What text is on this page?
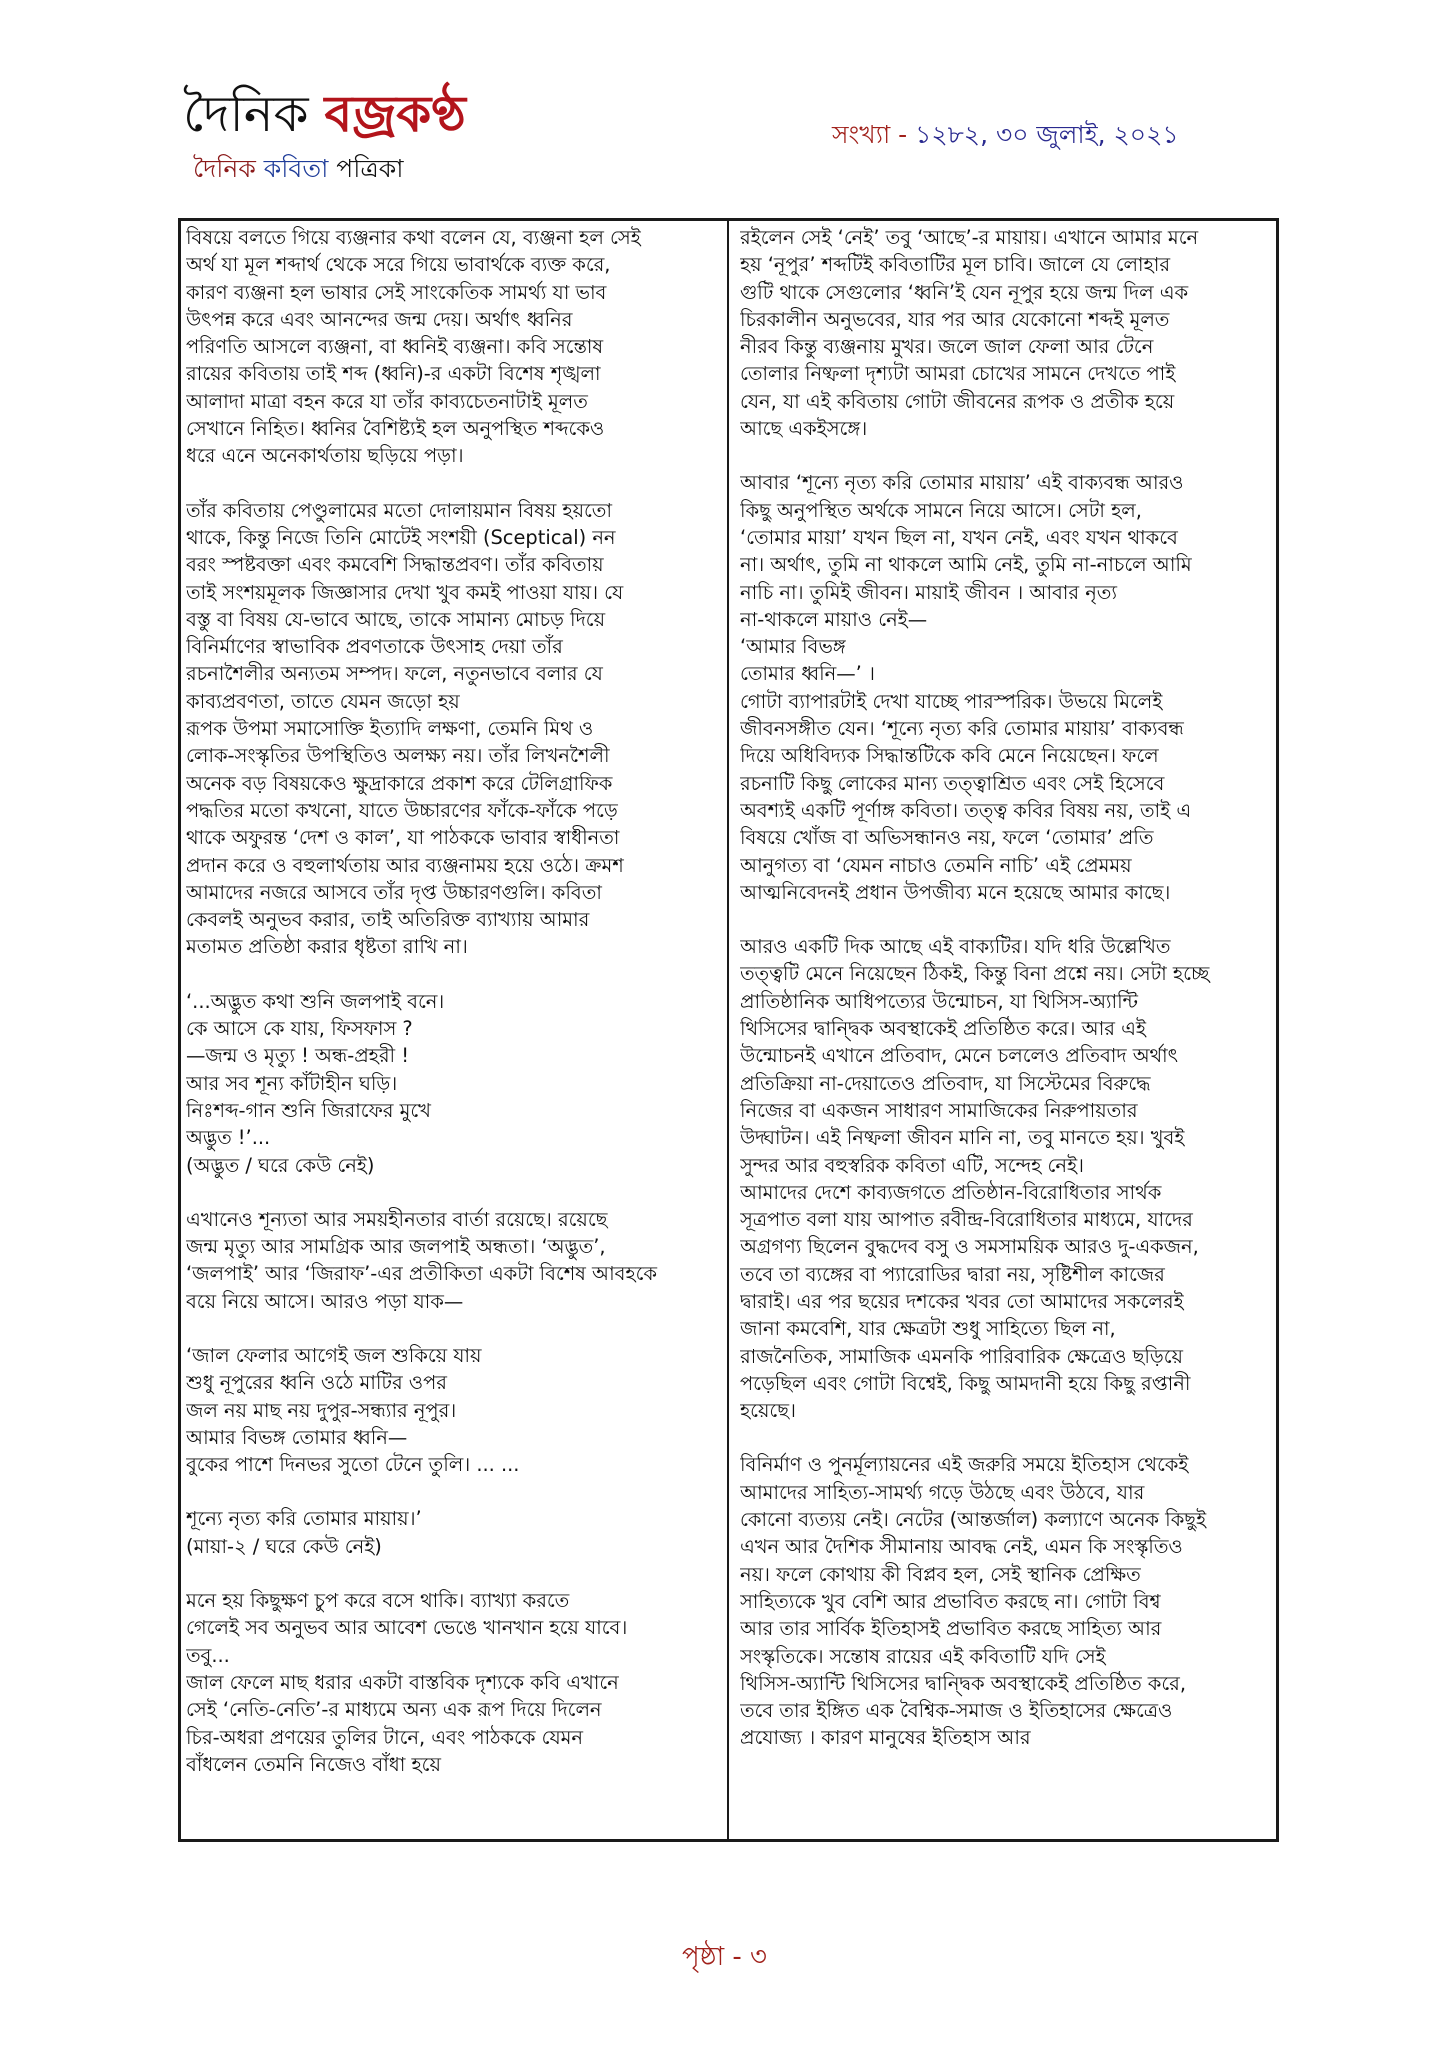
দৈনিক বজ্রকণ্ঠ
দৈনিক কবিতা পত্রিকা
সংখ্যা - ১২৮২, ৩০ জুলাই, ২০২১

বিষয়ে বলতে গিয়ে ব্যঞ্জনার কথা বলেন যে, ব্যঞ্জনা হল সেই
অর্থ যা মূল শব্দার্থ থেকে সরে গিয়ে ভাবার্থকে ব্যক্ত করে,
কারণ ব্যঞ্জনা হল ভাষার সেই সাংকেতিক সামর্থ্য যা ভাব
উৎপন্ন করে এবং আনন্দের জন্ম দেয়। অর্থাৎ ধ্বনির
পরিণতি আসলে ব্যঞ্জনা, বা ধ্বনিই ব্যঞ্জনা। কবি সন্তোষ
রায়ের কবিতায় তাই শব্দ (ধ্বনি)-র একটা বিশেষ শৃঙ্খলা
আলাদা মাত্রা বহন করে যা তাঁর কাব্যচেতনাটাই মূলত
সেখানে নিহিত। ধ্বনির বৈশিষ্ট্যই হল অনুপস্থিত শব্দকেও
ধরে এনে অনেকার্থতায় ছড়িয়ে পড়া।

তাঁর কবিতায় পেণ্ডুলামের মতো দোলায়মান বিষয় হয়তো
থাকে, কিন্তু নিজে তিনি মোটেই সংশয়ী (Sceptical) নন
বরং স্পষ্টবক্তা এবং কমবেশি সিদ্ধান্তপ্রবণ। তাঁর কবিতায়
তাই সংশয়মূলক জিজ্ঞাসার দেখা খুব কমই পাওয়া যায়। যে
বস্তু বা বিষয় যে-ভাবে আছে, তাকে সামান্য মোচড় দিয়ে
বিনির্মাণের স্বাভাবিক প্রবণতাকে উৎসাহ দেয়া তাঁর
রচনাশৈলীর অন্যতম সম্পদ। ফলে, নতুনভাবে বলার যে
কাব্যপ্রবণতা, তাতে যেমন জড়ো হয়
রূপক উপমা সমাসোক্তি ইত্যাদি লক্ষণা, তেমনি মিথ ও
লোক-সংস্কৃতির উপস্থিতিও অলক্ষ্য নয়। তাঁর লিখনশৈলী
অনেক বড় বিষয়কেও ক্ষুদ্রাকারে প্রকাশ করে টেলিগ্রাফিক
পদ্ধতির মতো কখনো, যাতে উচ্চারণের ফাঁকে-ফাঁকে পড়ে
থাকে অফুরন্ত ‘দেশ ও কাল’, যা পাঠককে ভাবার স্বাধীনতা
প্রদান করে ও বহুলার্থতায় আর ব্যঞ্জনাময় হয়ে ওঠে। ক্রমশ
আমাদের নজরে আসবে তাঁর দৃপ্ত উচ্চারণগুলি। কবিতা
কেবলই অনুভব করার, তাই অতিরিক্ত ব্যাখ্যায় আমার
মতামত প্রতিষ্ঠা করার ধৃষ্টতা রাখি না।

‘...অদ্ভুত কথা শুনি জলপাই বনে।
কে আসে কে যায়, ফিসফাস ?
—জন্ম ও মৃত্যু ! অন্ধ-প্রহরী !
আর সব শূন্য কাঁটাহীন ঘড়ি।
নিঃশব্দ-গান শুনি জিরাফের মুখে
অদ্ভুত !’...
(অদ্ভুত / ঘরে কেউ নেই)

এখানেও শূন্যতা আর সময়হীনতার বার্তা রয়েছে। রয়েছে
জন্ম মৃত্যু আর সামগ্রিক আর জলপাই অন্ধতা। ‘অদ্ভুত’,
‘জলপাই’ আর ‘জিরাফ’-এর প্রতীকিতা একটা বিশেষ আবহকে
বয়ে নিয়ে আসে। আরও পড়া যাক—

‘জাল ফেলার আগেই জল শুকিয়ে যায়
শুধু নূপুরের ধ্বনি ওঠে মাটির ওপর
জল নয় মাছ নয় দুপুর-সন্ধ্যার নূপুর।
আমার বিভঙ্গ তোমার ধ্বনি—
বুকের পাশে দিনভর সুতো টেনে তুলি। ... ...

শূন্যে নৃত্য করি তোমার মায়ায়।’
(মায়া-২ / ঘরে কেউ নেই)

মনে হয় কিছুক্ষণ চুপ করে বসে থাকি। ব্যাখ্যা করতে
গেলেই সব অনুভব আর আবেশ ভেঙে খানখান হয়ে যাবে।
তবু...
জাল ফেলে মাছ ধরার একটা বাস্তবিক দৃশ্যকে কবি এখানে
সেই ‘নেতি-নেতি’-র মাধ্যমে অন্য এক রূপ দিয়ে দিলেন
চির-অধরা প্রণয়ের তুলির টানে, এবং পাঠককে যেমন
বাঁধলেন তেমনি নিজেও বাঁধা হয়ে

রইলেন সেই ‘নেই’ তবু ‘আছে’-র মায়ায়। এখানে আমার মনে
হয় ‘নূপুর’ শব্দটিই কবিতাটির মূল চাবি। জালে যে লোহার
গুটি থাকে সেগুলোর ‘ধ্বনি’ই যেন নূপুর হয়ে জন্ম দিল এক
চিরকালীন অনুভবের, যার পর আর যেকোনো শব্দই মূলত
নীরব কিন্তু ব্যঞ্জনায় মুখর। জলে জাল ফেলা আর টেনে
তোলার নিষ্ফলা দৃশ্যটা আমরা চোখের সামনে দেখতে পাই
যেন, যা এই কবিতায় গোটা জীবনের রূপক ও প্রতীক হয়ে
আছে একইসঙ্গে।

আবার ‘শূন্যে নৃত্য করি তোমার মায়ায়’ এই বাক্যবন্ধ আরও
কিছু অনুপস্থিত অর্থকে সামনে নিয়ে আসে। সেটা হল,
‘তোমার মায়া’ যখন ছিল না, যখন নেই, এবং যখন থাকবে
না। অর্থাৎ, তুমি না থাকলে আমি নেই, তুমি না-নাচলে আমি
নাচি না। তুমিই জীবন। মায়াই জীবন । আবার নৃত্য
না-থাকলে মায়াও নেই—
‘আমার বিভঙ্গ
তোমার ধ্বনি—’ ।
গোটা ব্যাপারটাই দেখা যাচ্ছে পারস্পরিক। উভয়ে মিলেই
জীবনসঙ্গীত যেন। ‘শূন্যে নৃত্য করি তোমার মায়ায়’ বাক্যবন্ধ
দিয়ে অধিবিদ্যক সিদ্ধান্তটিকে কবি মেনে নিয়েছেন। ফলে
রচনাটি কিছু লোকের মান্য তত্ত্বাশ্রিত এবং সেই হিসেবে
অবশ্যই একটি পূর্ণাঙ্গ কবিতা। তত্ত্ব কবির বিষয় নয়, তাই এ
বিষয়ে খোঁজ বা অভিসন্ধানও নয়, ফলে ‘তোমার’ প্রতি
আনুগত্য বা ‘যেমন নাচাও তেমনি নাচি’ এই প্রেমময়
আত্মনিবেদনই প্রধান উপজীব্য মনে হয়েছে আমার কাছে।

আরও একটি দিক আছে এই বাক্যটির। যদি ধরি উল্লেখিত
তত্ত্বটি মেনে নিয়েছেন ঠিকই, কিন্তু বিনা প্রশ্নে নয়। সেটা হচ্ছে
প্রাতিষ্ঠানিক আধিপত্যের উন্মোচন, যা থিসিস-অ্যান্টি
থিসিসের দ্বান্দ্বিক অবস্থাকেই প্রতিষ্ঠিত করে। আর এই
উন্মোচনই এখানে প্রতিবাদ, মেনে চললেও প্রতিবাদ অর্থাৎ
প্রতিক্রিয়া না-দেয়াতেও প্রতিবাদ, যা সিস্টেমের বিরুদ্ধে
নিজের বা একজন সাধারণ সামাজিকের নিরুপায়তার
উদ্ঘাটন। এই নিষ্ফলা জীবন মানি না, তবু মানতে হয়। খুবই
সুন্দর আর বহুস্বরিক কবিতা এটি, সন্দেহ নেই।
আমাদের দেশে কাব্যজগতে প্রতিষ্ঠান-বিরোধিতার সার্থক
সূত্রপাত বলা যায় আপাত রবীন্দ্র-বিরোধিতার মাধ্যমে, যাদের
অগ্রগণ্য ছিলেন বুদ্ধদেব বসু ও সমসাময়িক আরও দু-একজন,
তবে তা ব্যঙ্গের বা প্যারোডির দ্বারা নয়, সৃষ্টিশীল কাজের
দ্বারাই। এর পর ছয়ের দশকের খবর তো আমাদের সকলেরই
জানা কমবেশি, যার ক্ষেত্রটা শুধু সাহিত্যে ছিল না,
রাজনৈতিক, সামাজিক এমনকি পারিবারিক ক্ষেত্রেও ছড়িয়ে
পড়েছিল এবং গোটা বিশ্বেই, কিছু আমদানী হয়ে কিছু রপ্তানী
হয়েছে।

বিনির্মাণ ও পুনর্মূল্যায়নের এই জরুরি সময়ে ইতিহাস থেকেই
আমাদের সাহিত্য-সামর্থ্য গড়ে উঠছে এবং উঠবে, যার
কোনো ব্যত্যয় নেই। নেটের (আন্তর্জাল) কল্যাণে অনেক কিছুই
এখন আর দৈশিক সীমানায় আবদ্ধ নেই, এমন কি সংস্কৃতিও
নয়। ফলে কোথায় কী বিপ্লব হল, সেই স্থানিক প্রেক্ষিত
সাহিত্যকে খুব বেশি আর প্রভাবিত করছে না। গোটা বিশ্ব
আর তার সার্বিক ইতিহাসই প্রভাবিত করছে সাহিত্য আর
সংস্কৃতিকে। সন্তোষ রায়ের এই কবিতাটি যদি সেই
থিসিস-অ্যান্টি থিসিসের দ্বান্দ্বিক অবস্থাকেই প্রতিষ্ঠিত করে,
তবে তার ইঙ্গিত এক বৈশ্বিক-সমাজ ও ইতিহাসের ক্ষেত্রেও
প্রযোজ্য । কারণ মানুষের ইতিহাস আর

পৃষ্ঠা - ৩
